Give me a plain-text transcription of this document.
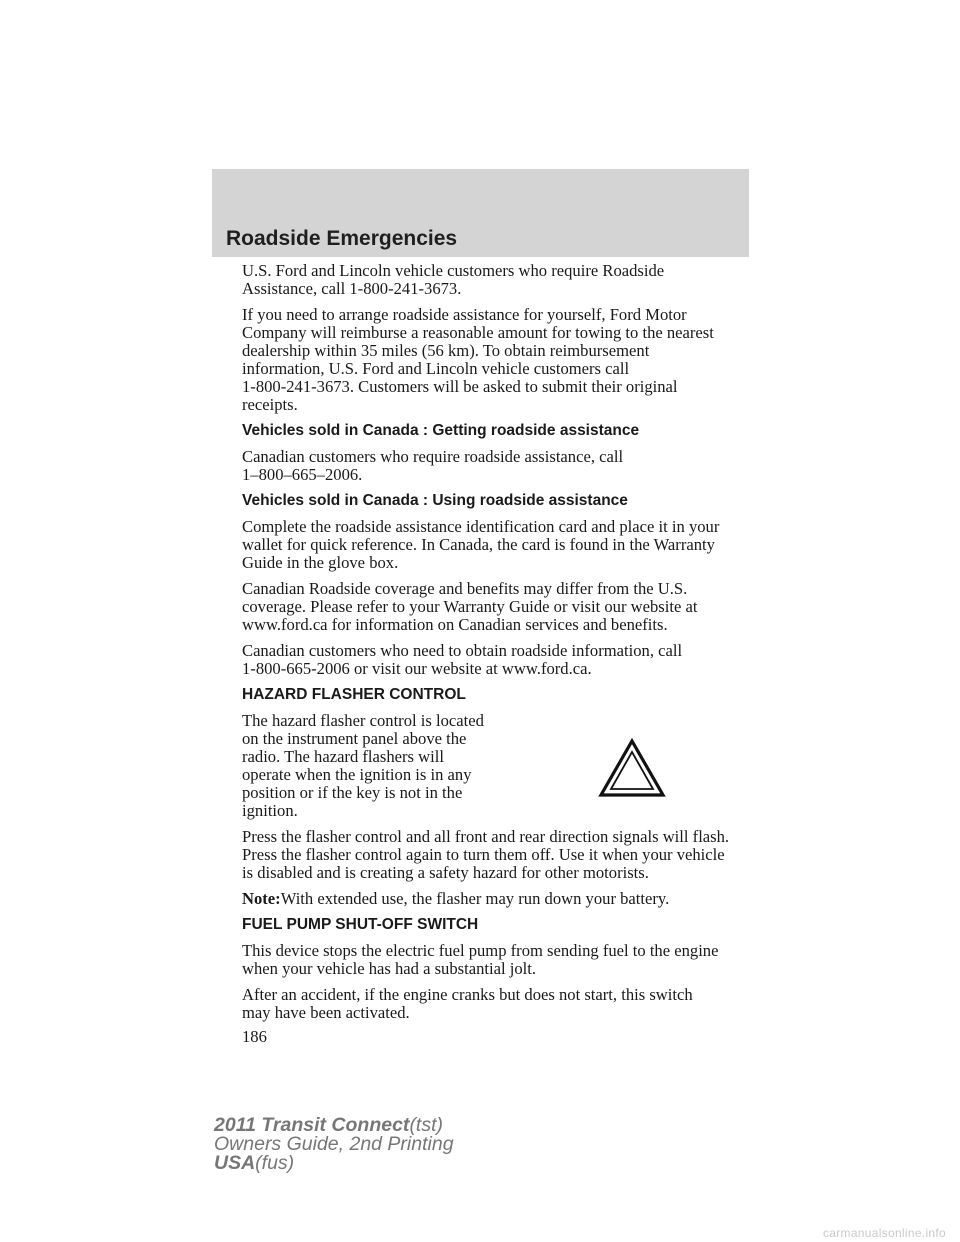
Roadside Emergencies

U.S. Ford and Lincoln vehicle customers who require Roadside
Assistance, call 1-800-241-3673.

If you need to arrange roadside assistance for yourself, Ford Motor
Company will reimburse a reasonable amount for towing to the nearest
dealership within 35 miles (56 km). To obtain reimbursement
information, U.S. Ford and Lincoln vehicle customers call
1-800-241-3673. Customers will be asked to submit their original
receipts.

Vehicles sold in Canada : Getting roadside assistance

Canadian customers who require roadside assistance, call
1–800–665–2006.

Vehicles sold in Canada : Using roadside assistance

Complete the roadside assistance identification card and place it in your
wallet for quick reference. In Canada, the card is found in the Warranty
Guide in the glove box.

Canadian Roadside coverage and benefits may differ from the U.S.
coverage. Please refer to your Warranty Guide or visit our website at
www.ford.ca for information on Canadian services and benefits.

Canadian customers who need to obtain roadside information, call
1-800-665-2006 or visit our website at www.ford.ca.

HAZARD FLASHER CONTROL

The hazard flasher control is located
on the instrument panel above the
radio. The hazard flashers will
operate when the ignition is in any
position or if the key is not in the
ignition.

Press the flasher control and all front and rear direction signals will flash.
Press the flasher control again to turn them off. Use it when your vehicle
is disabled and is creating a safety hazard for other motorists.

Note:With extended use, the flasher may run down your battery.

FUEL PUMP SHUT-OFF SWITCH

This device stops the electric fuel pump from sending fuel to the engine
when your vehicle has had a substantial jolt.

After an accident, if the engine cranks but does not start, this switch
may have been activated.

186
2011 Transit Connect(tst)
Owners Guide, 2nd Printing
USA(fus)
carmanualsonline.info
